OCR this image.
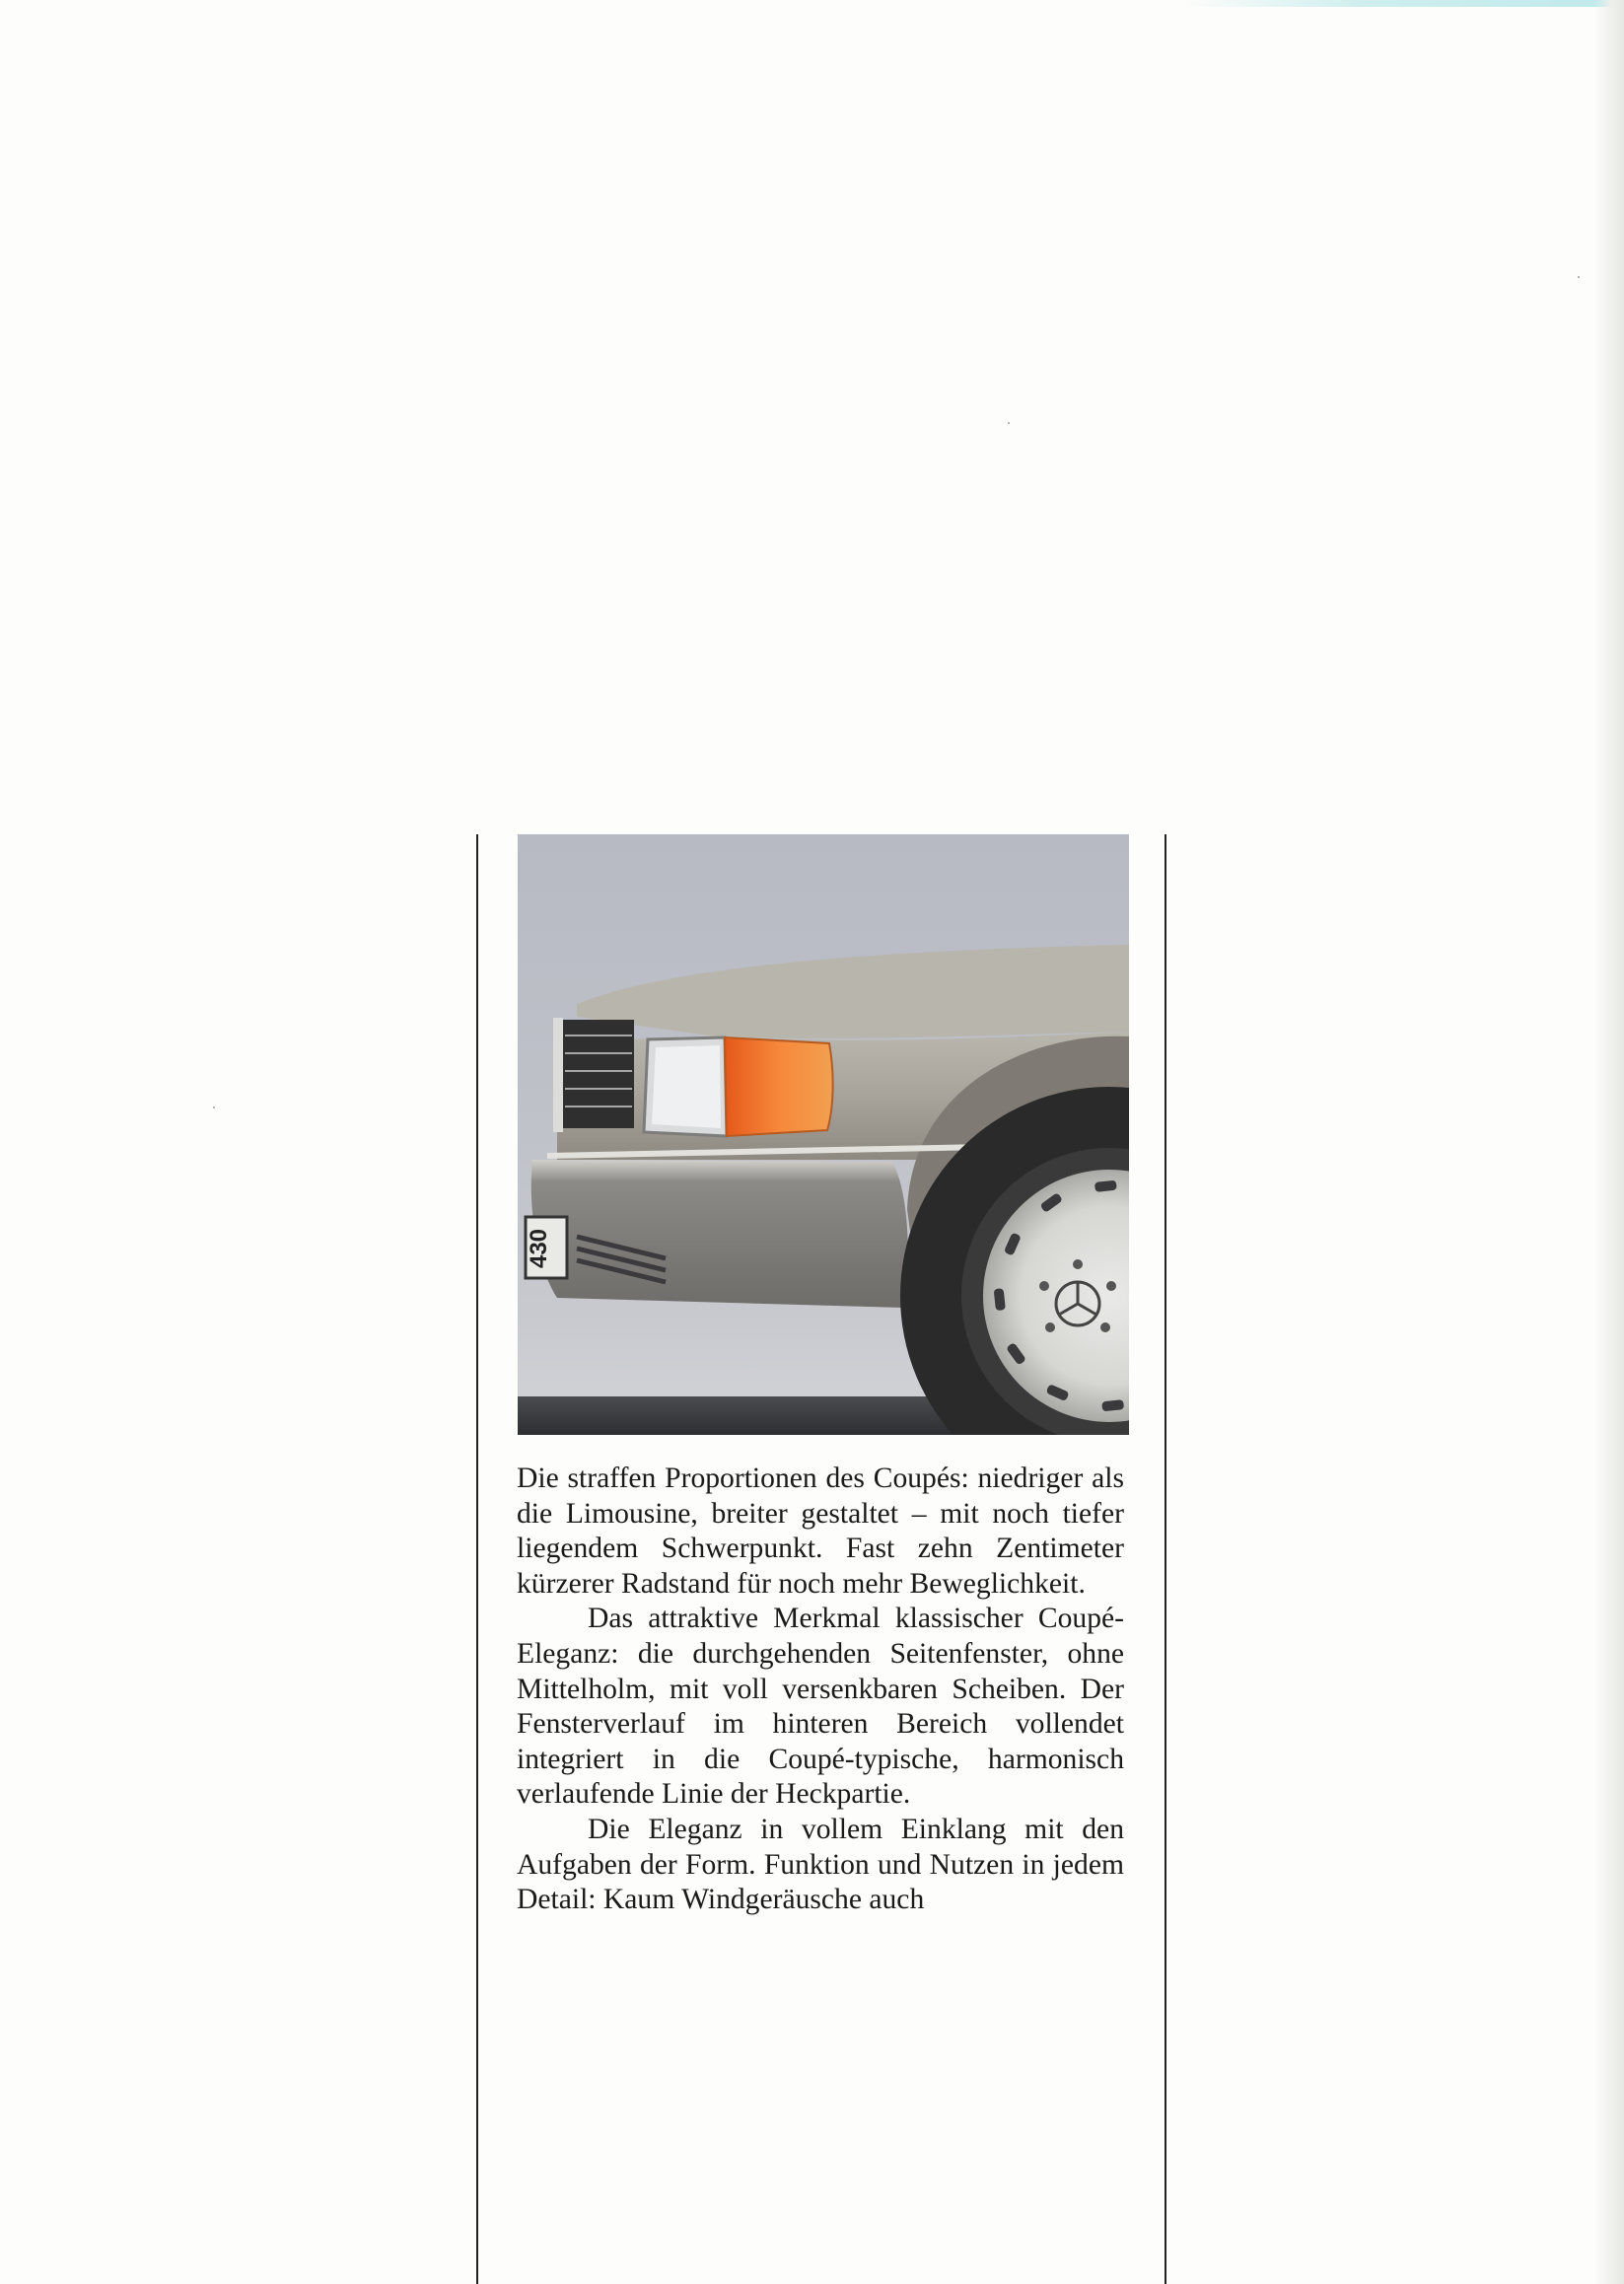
430

Die straffen Proportionen des Coupés: niedriger als die Limousine, breiter gestaltet – mit noch tiefer liegendem Schwerpunkt. Fast zehn Zentimeter kürzerer Radstand für noch mehr Beweglichkeit.

Das attraktive Merkmal klassischer Coupé-Eleganz: die durchgehenden Seitenfenster, ohne Mittelholm, mit voll versenkbaren Scheiben. Der Fensterverlauf im hinteren Bereich vollendet integriert in die Coupé-typische, harmonisch verlaufende Linie der Heckpartie.

Die Eleganz in vollem Einklang mit den Aufgaben der Form. Funktion und Nutzen in jedem Detail: Kaum Windgeräusche auch
